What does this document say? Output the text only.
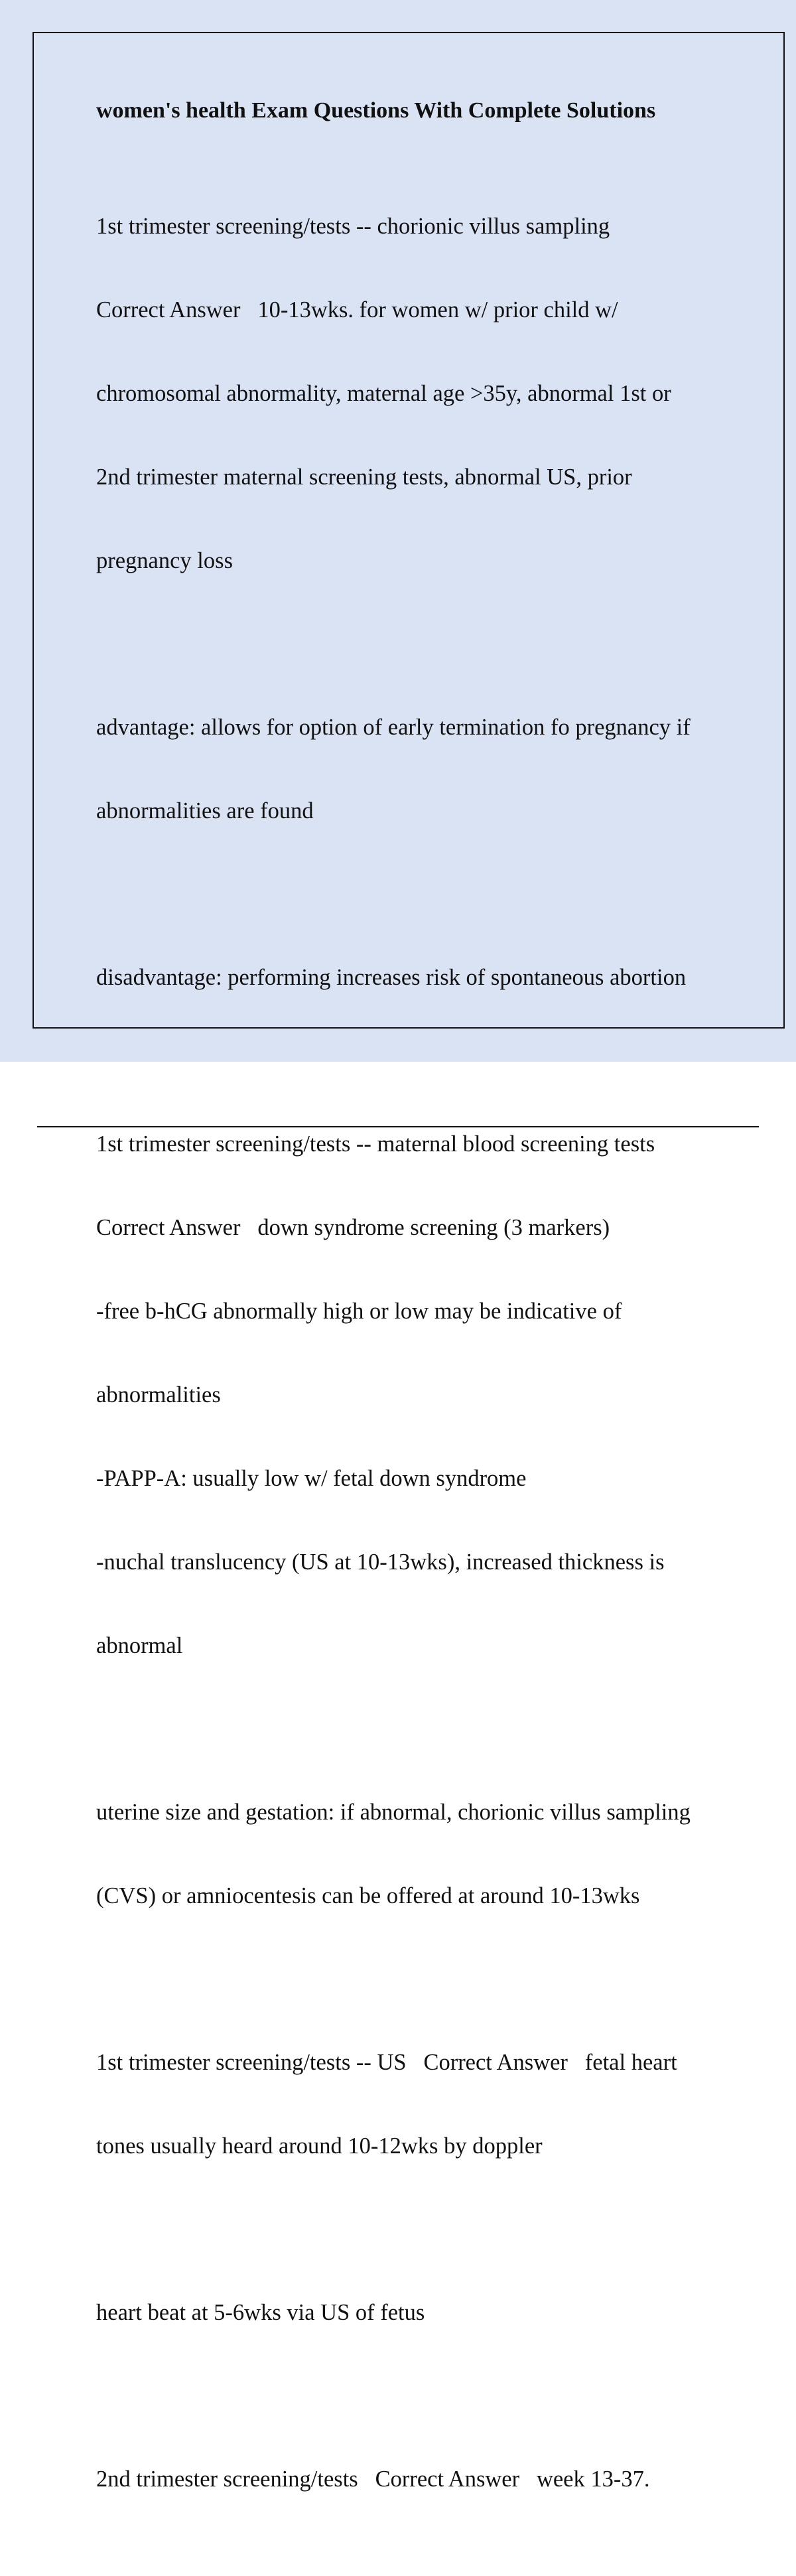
women's health Exam Questions With Complete Solutions

1st trimester screening/tests -- chorionic villus sampling

Correct Answer   10-13wks. for women w/ prior child w/

chromosomal abnormality, maternal age >35y, abnormal 1st or

2nd trimester maternal screening tests, abnormal US, prior

pregnancy loss

advantage: allows for option of early termination fo pregnancy if

abnormalities are found

disadvantage: performing increases risk of spontaneous abortion

1st trimester screening/tests -- maternal blood screening tests

Correct Answer   down syndrome screening (3 markers)

-free b-hCG abnormally high or low may be indicative of

abnormalities

-PAPP-A: usually low w/ fetal down syndrome

-nuchal translucency (US at 10-13wks), increased thickness is

abnormal

uterine size and gestation: if abnormal, chorionic villus sampling

(CVS) or amniocentesis can be offered at around 10-13wks

1st trimester screening/tests -- US   Correct Answer   fetal heart

tones usually heard around 10-12wks by doppler

heart beat at 5-6wks via US of fetus

2nd trimester screening/tests   Correct Answer   week 13-37.
